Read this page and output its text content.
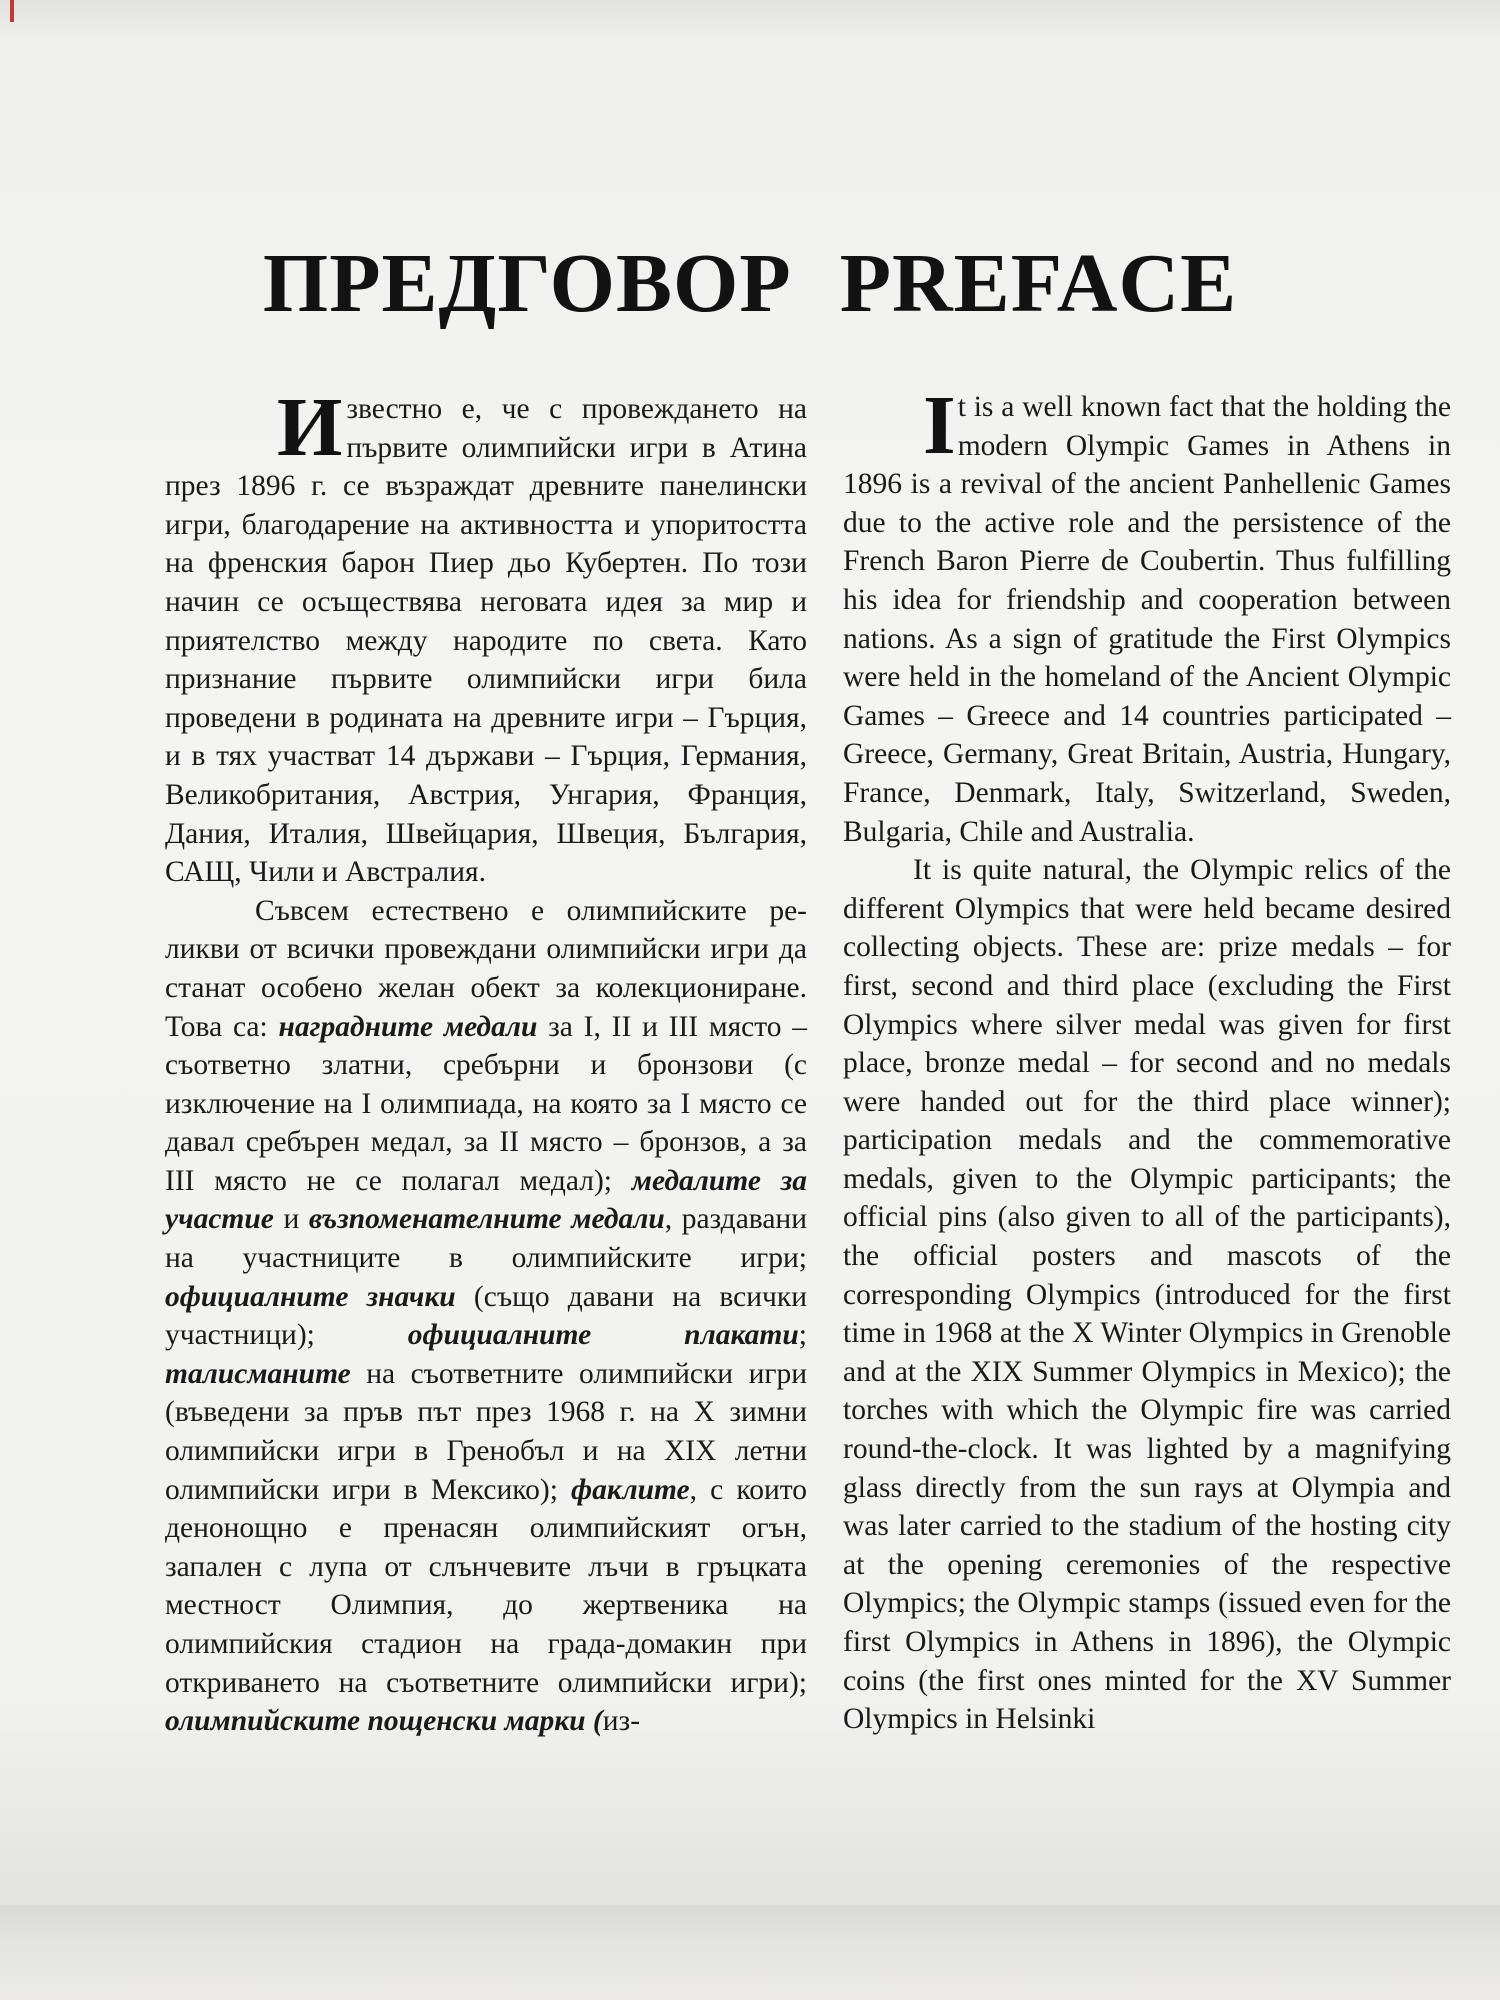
ПРЕДГОВОР PREFACE

Известно е, че с провеждането на първите олимпийски игри в Атина през 1896 г. се възраждат древните панелински игри, благодарение на активността и упоритостта на френския барон Пиер дьо Кубертен. По този начин се осъществява неговата идея за мир и приятелство между народите по света. Като признание първите олимпийски игри била проведени в родината на древните игри – Гърция, и в тях участват 14 държави – Гърция, Германия, Великобритания, Австрия, Унгария, Франция, Дания, Италия, Швейцария, Швеция, България, САЩ, Чили и Австралия.

Съвсем естествено е олимпийските реликви от всички провеждани олимпийски игри да станат особено желан обект за колекциониране. Това са: наградните медали за I, II и III място – съответно златни, сребърни и бронзови (с изключение на I олимпиада, на която за I място се давал сребърен медал, за II място – бронзов, а за III място не се полагал медал); медалите за участие и възпоменателните медали, раздавани на участниците в олимпийските игри; официалните значки (също давани на всички участници); официалните плакати; талисманите на съответните олимпийски игри (въведени за пръв път през 1968 г. на X зимни олимпийски игри в Гренобъл и на XIX летни олимпийски игри в Мексико); факлите, с които денонощно е пренасян олимпийският огън, запален с лупа от слънчевите лъчи в гръцката местност Олимпия, до жертвеника на олимпийския стадион на града-домакин при откриването на съответните олимпийски игри); олимпийските пощенски марки (из-

It is a well known fact that the holding the modern Olympic Games in Athens in 1896 is a revival of the ancient Panhellenic Games due to the active role and the persistence of the French Baron Pierre de Coubertin. Thus fulfilling his idea for friendship and cooperation between nations. As a sign of gratitude the First Olympics were held in the homeland of the Ancient Olympic Games – Greece and 14 countries participated – Greece, Germany, Great Britain, Austria, Hungary, France, Denmark, Italy, Switzerland, Sweden, Bulgaria, Chile and Australia.

It is quite natural, the Olympic relics of the different Olympics that were held became desired collecting objects. These are: prize medals – for first, second and third place (excluding the First Olympics where silver medal was given for first place, bronze medal – for second and no medals were handed out for the third place winner); participation medals and the commemorative medals, given to the Olympic participants; the official pins (also given to all of the participants), the official posters and mascots of the corresponding Olympics (introduced for the first time in 1968 at the X Winter Olympics in Grenoble and at the XIX Summer Olympics in Mexico); the torches with which the Olympic fire was carried round-the-clock. It was lighted by a magnifying glass directly from the sun rays at Olympia and was later carried to the stadium of the hosting city at the opening ceremonies of the respective Olympics; the Olympic stamps (issued even for the first Olympics in Athens in 1896), the Olympic coins (the first ones minted for the XV Summer Olympics in Helsinki
